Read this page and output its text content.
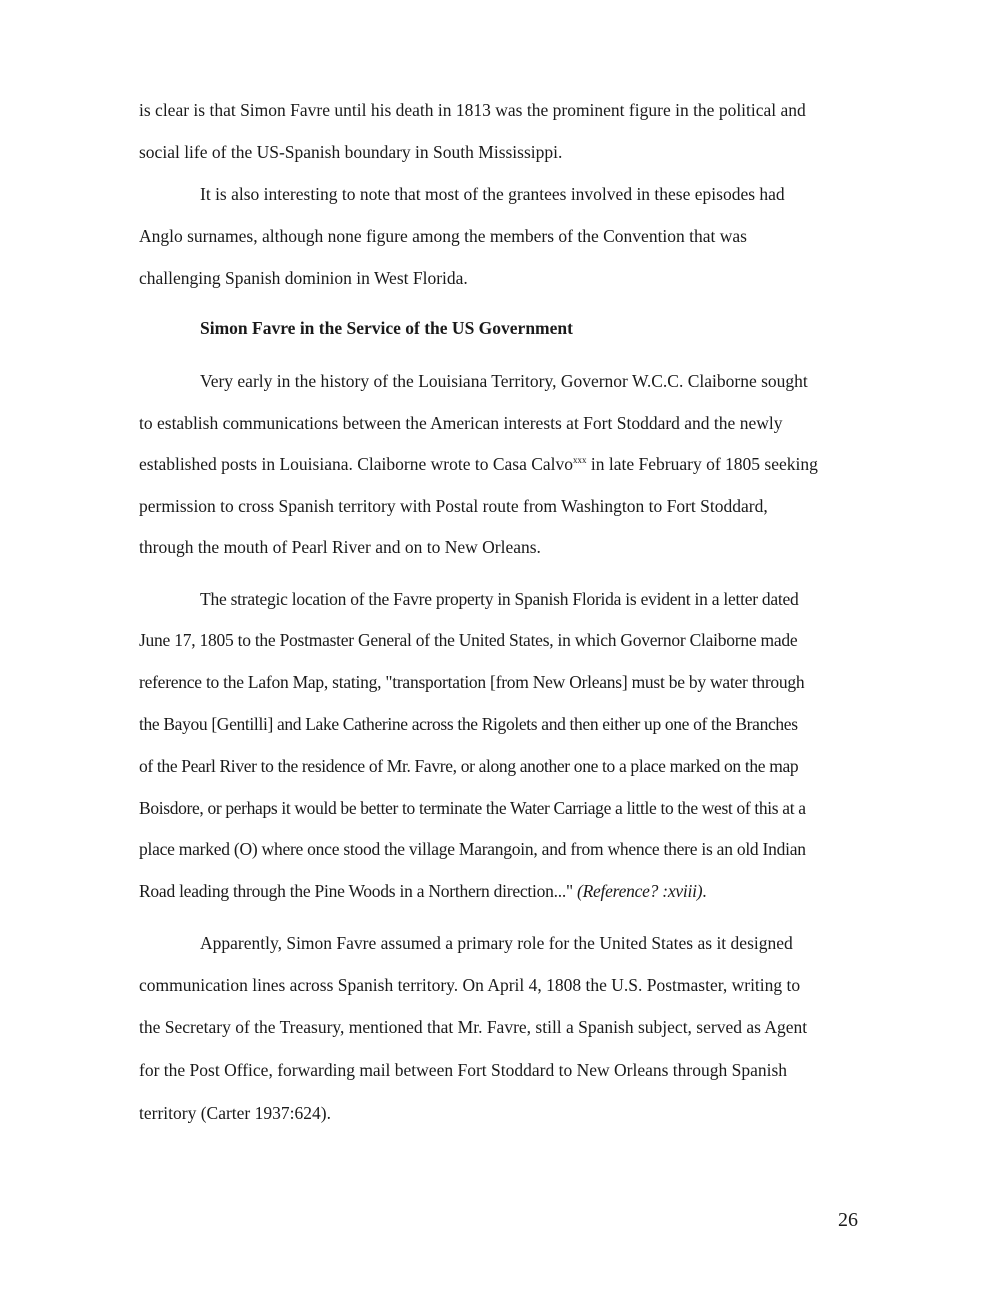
is clear is that Simon Favre until his death in 1813 was the prominent figure in the political and

social life of the US-Spanish boundary in South Mississippi.

It is also interesting to note that most of the grantees involved in these episodes had

Anglo surnames, although none figure among the members of the Convention that was

challenging Spanish dominion in West Florida.

Simon Favre in the Service of the US Government

Very early in the history of the Louisiana Territory, Governor W.C.C. Claiborne sought

to establish communications between the American interests at Fort Stoddard and the newly

established posts in Louisiana. Claiborne wrote to Casa Calvo$^{xxx}$ in late February of 1805 seeking

permission to cross Spanish territory with Postal route from Washington to Fort Stoddard,

through the mouth of Pearl River and on to New Orleans.

The strategic location of the Favre property in Spanish Florida is evident in a letter dated

June 17, 1805 to the Postmaster General of the United States, in which Governor Claiborne made

reference to the Lafon Map, stating, "transportation [from New Orleans] must be by water through

the Bayou [Gentilli] and Lake Catherine across the Rigolets and then either up one of the Branches

of the Pearl River to the residence of Mr. Favre, or along another one to a place marked on the map

Boisdore, or perhaps it would be better to terminate the Water Carriage a little to the west of this at a

place marked (O) where once stood the village Marangoin, and from whence there is an old Indian

Road leading through the Pine Woods in a Northern direction..." (Reference? :xviii).

Apparently, Simon Favre assumed a primary role for the United States as it designed

communication lines across Spanish territory. On April 4, 1808 the U.S. Postmaster, writing to

the Secretary of the Treasury, mentioned that Mr. Favre, still a Spanish subject, served as Agent

for the Post Office, forwarding mail between Fort Stoddard to New Orleans through Spanish

territory (Carter 1937:624).

26
